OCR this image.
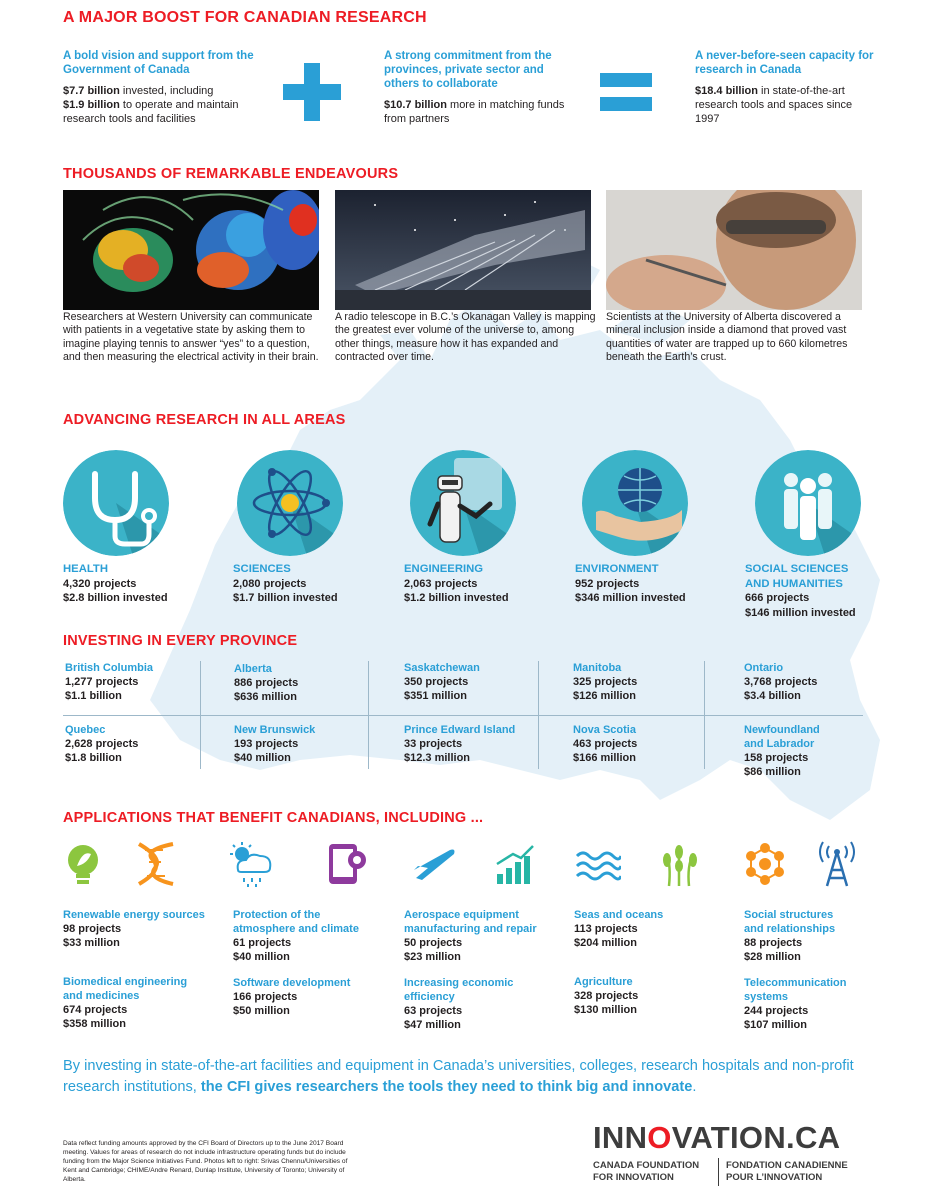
A MAJOR BOOST FOR CANADIAN RESEARCH
A bold vision and support from the Government of Canada
$7.7 billion invested, including
$1.9 billion to operate and maintain research tools and facilities
A strong commitment from the provinces, private sector and others to collaborate
$10.7 billion more in matching funds from partners
A never-before-seen capacity for research in Canada
$18.4 billion in state-of-the-art research tools and spaces since 1997
THOUSANDS OF REMARKABLE ENDEAVOURS
Researchers at Western University can communicate with patients in a vegetative state by asking them to imagine playing tennis to answer “yes” to a question, and then measuring the electrical activity in their brain.
A radio telescope in B.C.’s Okanagan Valley is mapping the greatest ever volume of the universe to, among other things, measure how it has expanded and contracted over time.
Scientists at the University of Alberta discovered a mineral inclusion inside a diamond that proved vast quantities of water are trapped up to 660 kilometres beneath the Earth’s crust.
ADVANCING RESEARCH IN ALL AREAS
HEALTH
4,320 projects
$2.8 billion invested
SCIENCES
2,080 projects
$1.7 billion invested
ENGINEERING
2,063 projects
$1.2 billion invested
ENVIRONMENT
952 projects
$346 million invested
SOCIAL SCIENCES
AND HUMANITIES
666 projects
$146 million invested
INVESTING IN EVERY PROVINCE
British Columbia
1,277 projects
$1.1 billion
Alberta
886 projects
$636 million
Saskatchewan
350 projects
$351 million
Manitoba
325 projects
$126 million
Ontario
3,768 projects
$3.4 billion
Quebec
2,628 projects
$1.8 billion
New Brunswick
193 projects
$40 million
Prince Edward Island
33 projects
$12.3 million
Nova Scotia
463 projects
$166 million
Newfoundland
and Labrador
158 projects
$86 million
APPLICATIONS THAT BENEFIT CANADIANS, INCLUDING ...
Renewable energy sources
98 projects
$33 million
Protection of the
atmosphere and climate
61 projects
$40 million
Aerospace equipment
manufacturing and repair
50 projects
$23 million
Seas and oceans
113 projects
$204 million
Social structures
and relationships
88 projects
$28 million
Biomedical engineering
and medicines
674 projects
$358 million
Software development
166 projects
$50 million
Increasing economic
efficiency
63 projects
$47 million
Agriculture
328 projects
$130 million
Telecommunication
systems
244 projects
$107 million
By investing in state-of-the-art facilities and equipment in Canada’s universities, colleges, research hospitals and non-profit research institutions, the CFI gives researchers the tools they need to think big and innovate.
Data reflect funding amounts approved by the CFI Board of Directors up to the June 2017 Board meeting. Values for areas of research do not include infrastructure operating funds but do include funding from the Major Science Initiatives Fund. Photos left to right: Srivas Chennu/Universities of Kent and Cambridge; CHIME/Andre Renard, Dunlap Institute, University of Toronto; University of Alberta.
INNOVATION.CA
CANADA FOUNDATION
FOR INNOVATION
FONDATION CANADIENNE
POUR L’INNOVATION
